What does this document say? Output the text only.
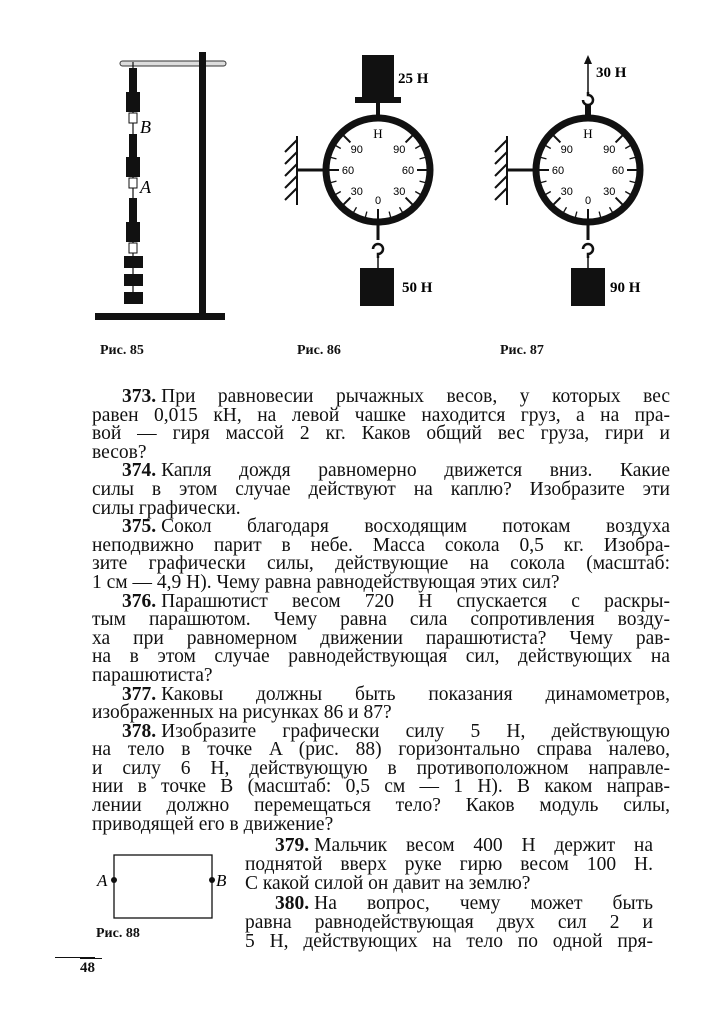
B
A
25 Н
90
60
30
0
30
60
90
Н
50 Н
30 Н
90
60
30
0
30
60
90
Н
90 Н
A	B
Рис. 85	Рис. 86	Рис. 87
Рис. 88
373. При равновесии рычажных весов, у которых вес
равен 0,015 кН, на левой чашке находится груз, а на пра-
вой — гиря массой 2 кг. Каков общий вес груза, гири и
весов?
374. Капля дождя равномерно движется вниз. Какие
силы в этом случае действуют на каплю? Изобразите эти
силы графически.
375. Сокол благодаря восходящим потокам воздуха
неподвижно парит в небе. Масса сокола 0,5 кг. Изобра-
зите графически силы, действующие на сокола (масштаб:
1 см — 4,9 Н). Чему равна равнодействующая этих сил?
376. Парашютист весом 720 Н спускается с раскры-
тым парашютом. Чему равна сила сопротивления возду-
ха при равномерном движении парашютиста? Чему рав-
на в этом случае равнодействующая сил, действующих на
парашютиста?
377. Каковы должны быть показания динамометров,
изображенных на рисунках 86 и 87?
378. Изобразите графически силу 5 Н, действующую
на тело в точке A (рис. 88) горизонтально справа налево,
и силу 6 Н, действующую в противоположном направле-
нии в точке B (масштаб: 0,5 см — 1 Н). В каком направ-
лении должно перемещаться тело? Каков модуль силы,
приводящей его в движение?
379. Мальчик весом 400 Н держит на
поднятой вверх руке гирю весом 100 Н.
С какой силой он давит на землю?
380. На вопрос, чему может быть
равна равнодействующая двух сил 2 и
5 Н, действующих на тело по одной пря-
48
